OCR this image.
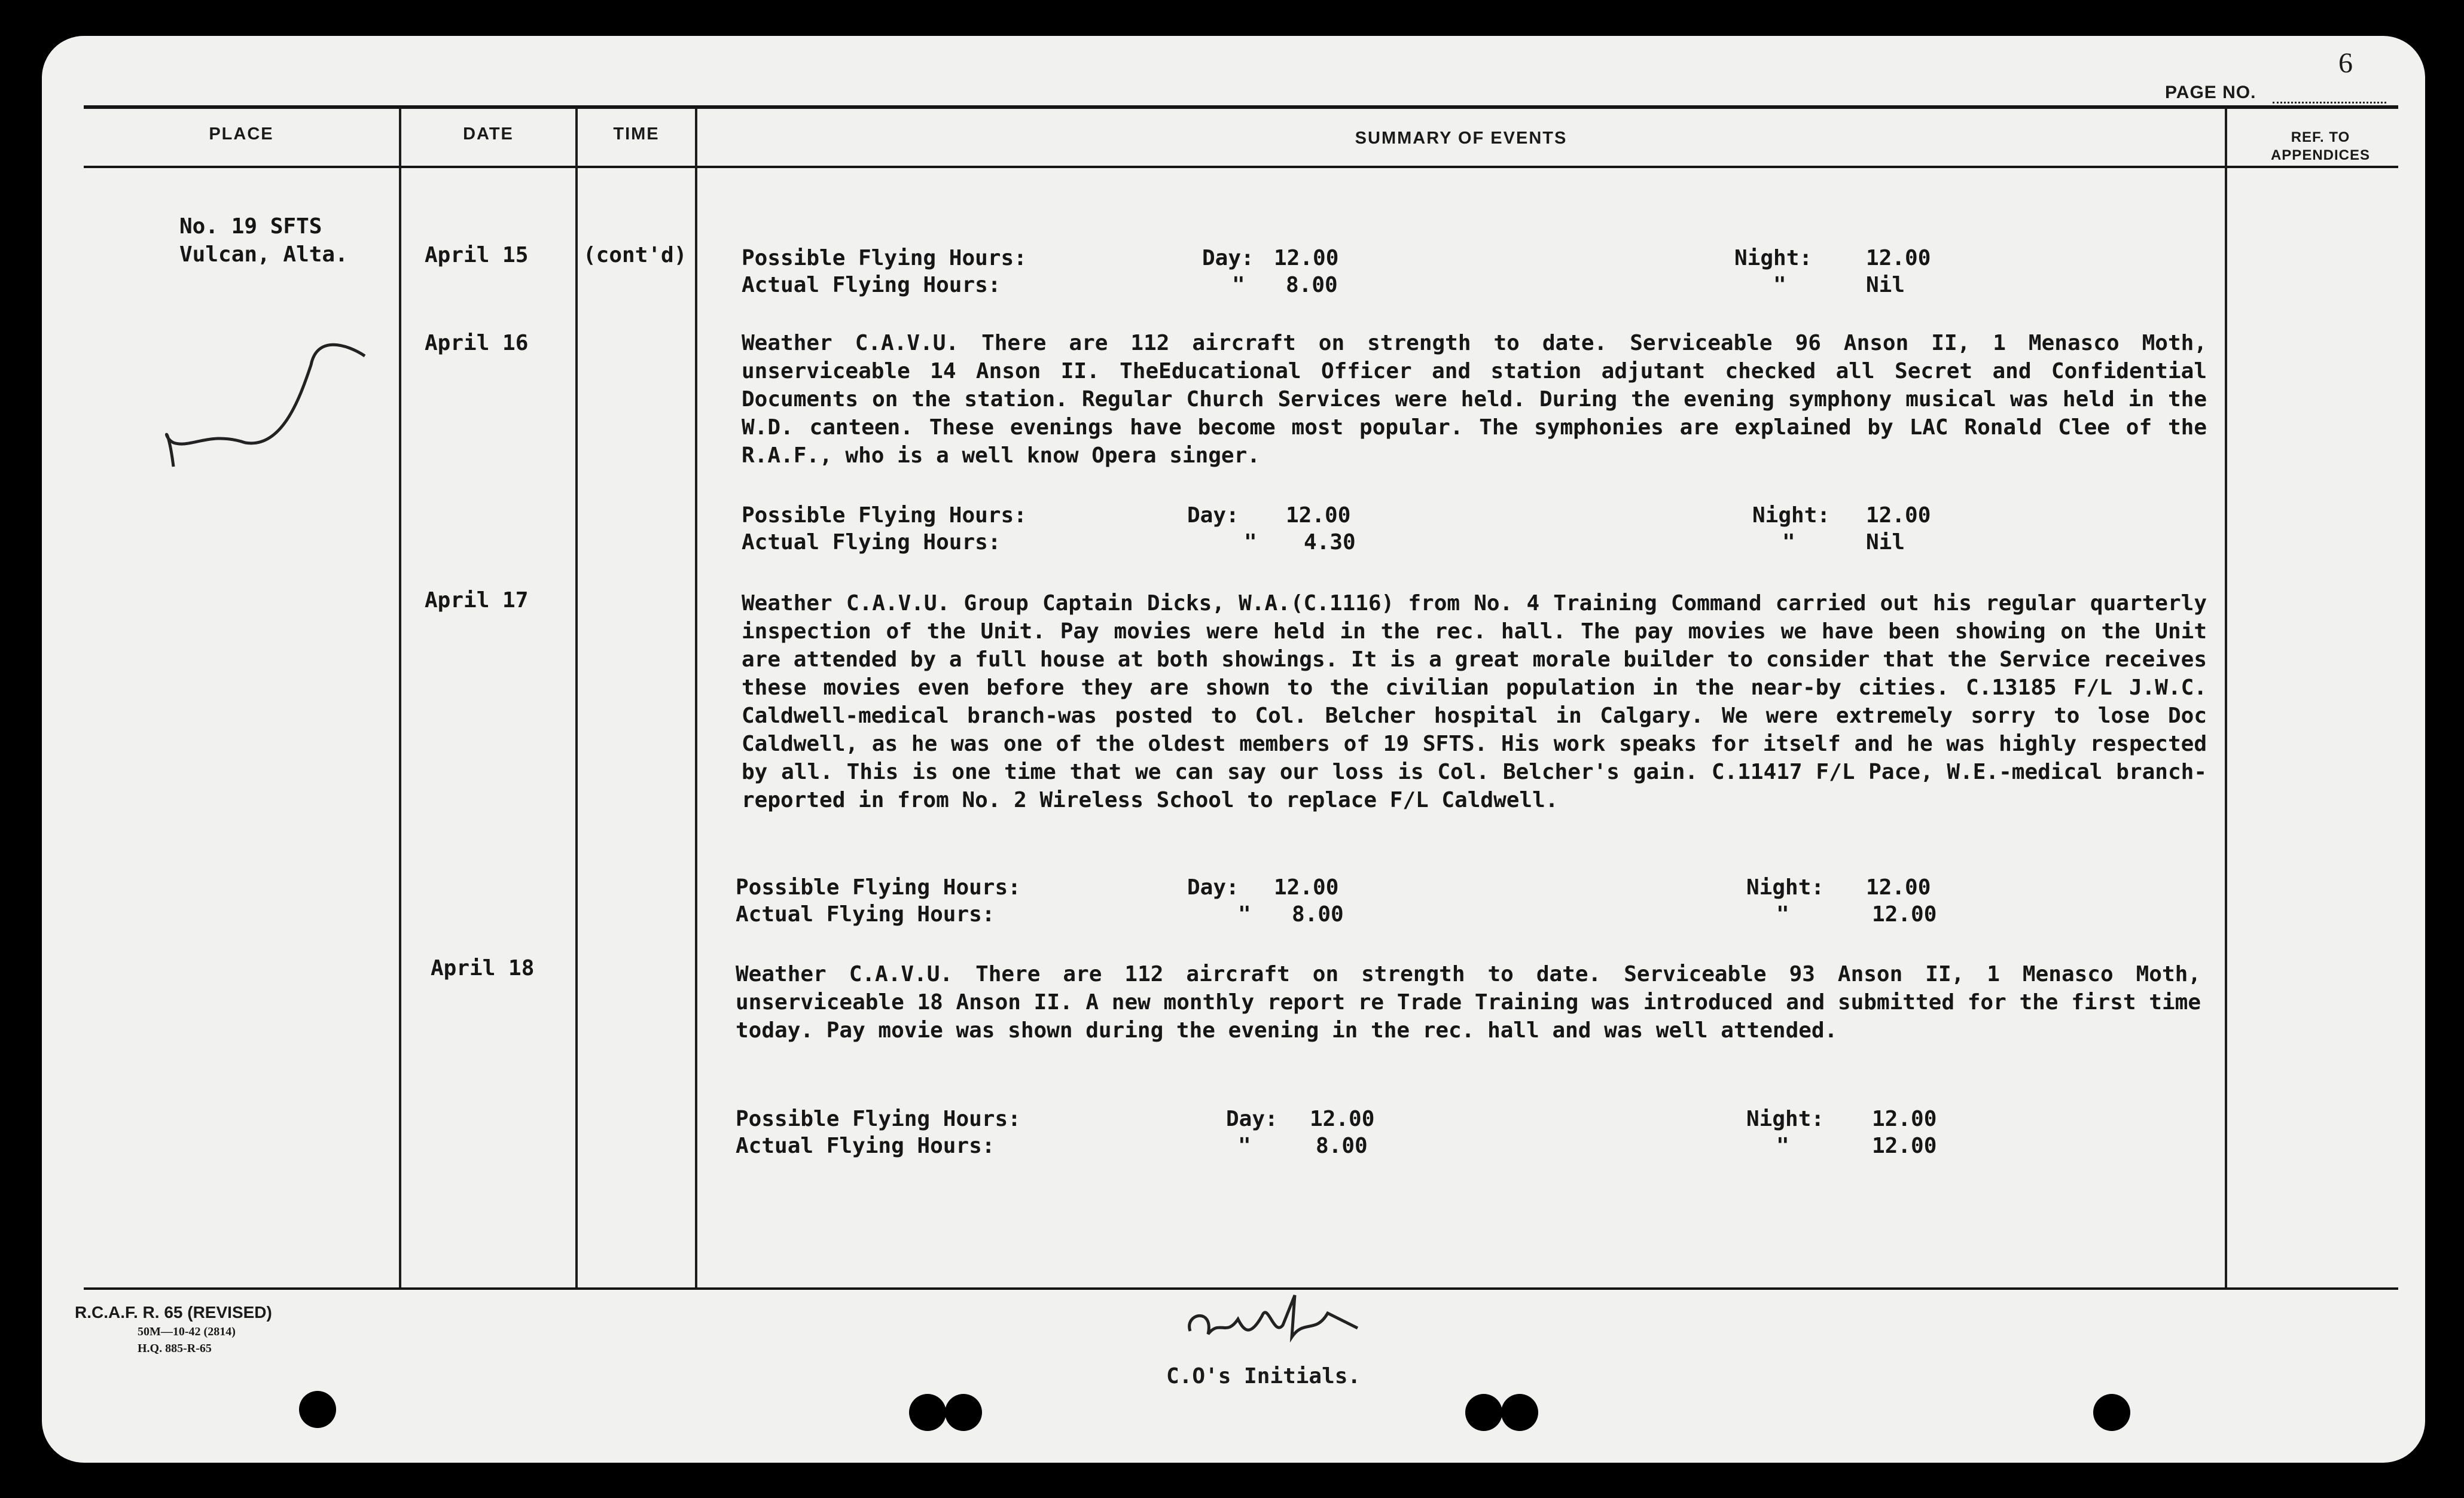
PAGE NO.
6
PLACE	DATE	TIME	SUMMARY OF EVENTS	REF. TO APPENDICES

No. 19 SFTS
Vulcan, Alta.	April 15	(cont'd)	Possible Flying Hours:	Day: 12.00	Night: 12.00
Actual Flying Hours:	" 8.00	"	Nil
April 16	Weather C.A.V.U. There are 112 aircraft on strength to date. Serviceable 96 Anson II, 1 Menasco Moth, unserviceable 14 Anson II. TheEducational Officer and station adjutant checked all Secret and Confidential Documents on the station. Regular Church Services were held. During the evening symphony musical was held in the W.D. canteen. These evenings have become most popular. The symphonies are explained by LAC Ronald Clee of the R.A.F., who is a well know Opera singer.
Possible Flying Hours:	Day: 12.00	Night: 12.00
Actual Flying Hours:	" 4.30	"	Nil
April 17	Weather C.A.V.U. Group Captain Dicks, W.A.(C.1116) from No. 4 Training Command carried out his regular quarterly inspection of the Unit. Pay movies were held in the rec. hall. The pay movies we have been showing on the Unit are attended by a full house at both showings. It is a great morale builder to consider that the Service receives these movies even before they are shown to the civilian population in the near-by cities. C.13185 F/L J.W.C. Caldwell-medical branch-was posted to Col. Belcher hospital in Calgary. We were extremely sorry to lose Doc Caldwell, as he was one of the oldest members of 19 SFTS. His work speaks for itself and he was highly respected by all. This is one time that we can say our loss is Col. Belcher's gain. C.11417 F/L Pace, W.E.-medical branch-reported in from No. 2 Wireless School to replace F/L Caldwell.
Possible Flying Hours:	Day: 12.00	Night: 12.00
Actual Flying Hours:	" 8.00	"	12.00
April 18	Weather C.A.V.U. There are 112 aircraft on strength to date. Serviceable 93 Anson II, 1 Menasco Moth, unserviceable 18 Anson II. A new monthly report re Trade Training was introduced and submitted for the first time today. Pay movie was shown during the evening in the rec. hall and was well attended.
Possible Flying Hours:	Day: 12.00	Night: 12.00
Actual Flying Hours:	"	8.00	"	12.00
R.C.A.F. R. 65 (REVISED)
50M—10-42 (2814)
H.Q. 885-R-65
C.O's Initials.
